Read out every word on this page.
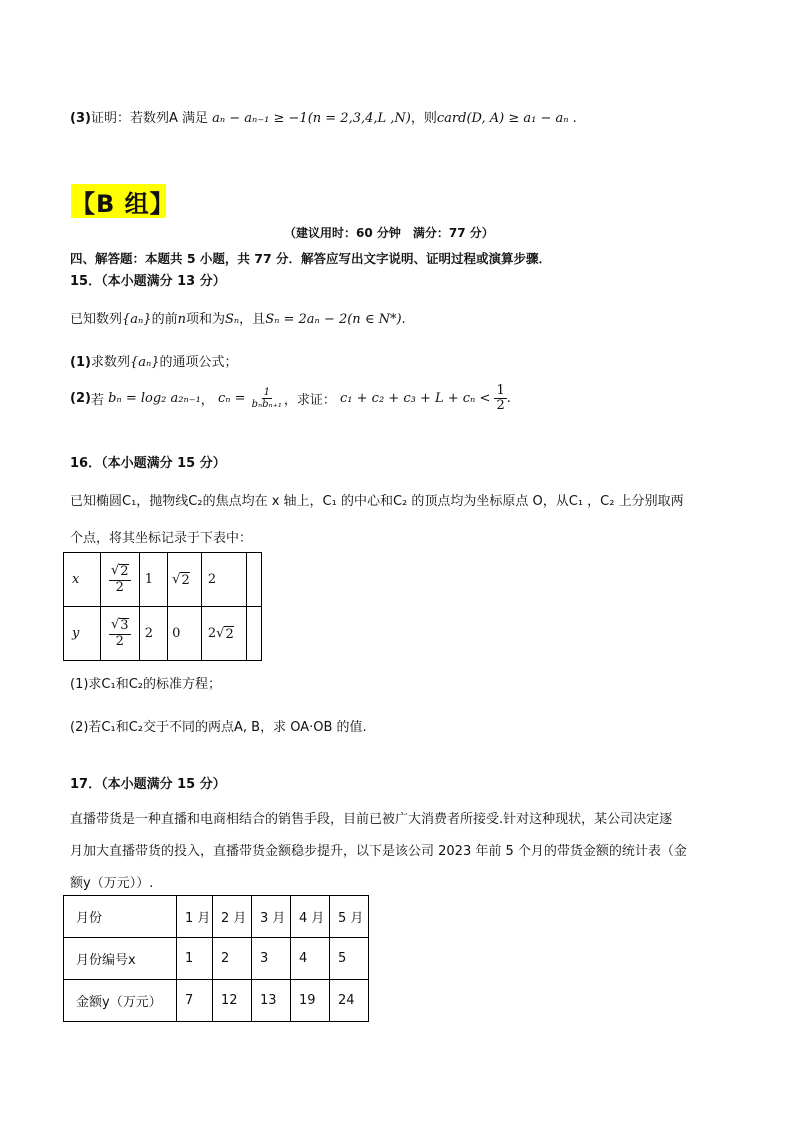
(3)证明：若数列A 满足 aₙ − aₙ₋₁ ≥ −1(n = 2,3,4,L ,N)，则card(D, A) ≥ a₁ − aₙ .
【B 组】
（建议用时：60 分钟　满分：77 分）
四、解答题：本题共 5 小题，共 77 分．解答应写出文字说明、证明过程或演算步骤．
15．（本小题满分 13 分）
已知数列{aₙ}的前n项和为Sₙ，且Sₙ = 2aₙ − 2(n ∈ N*).
(1)求数列{aₙ}的通项公式；
(2) 若
bₙ = log₂ a₂ₙ₋₁ ，
cₙ =
$\frac{1}{\text{bₙbₙ₊₁}}$ ，求证：
c₁ + c₂ + c₃ + L + cₙ <
$\frac{1}{2}$ .
16．（本小题满分 15 分）
已知椭圆C₁，抛物线C₂的焦点均在 x 轴上，C₁ 的中心和C₂ 的顶点均为坐标原点 O，从C₁ ，C₂ 上分别取两
个点，将其坐标记录于下表中：
x	$\frac{√ 2}{2}$	1	√ 2	2	
y	$\frac{√ 3}{2}$	2	0	2√ 2	

(1)求C₁和C₂的标准方程；
(2)若C₁和C₂交于不同的两点A, B，求 OA·OB 的值.
17．（本小题满分 15 分）
直播带货是一种直播和电商相结合的销售手段，目前已被广大消费者所接受.针对这种现状，某公司决定逐
月加大直播带货的投入，直播带货金额稳步提升，以下是该公司 2023 年前 5 个月的带货金额的统计表（金
额y（万元））.
月份	1 月	2 月	3 月	4 月	5 月
月份编号x	1	2	3	4	5
金额y（万元）	7	12	13	19	24
